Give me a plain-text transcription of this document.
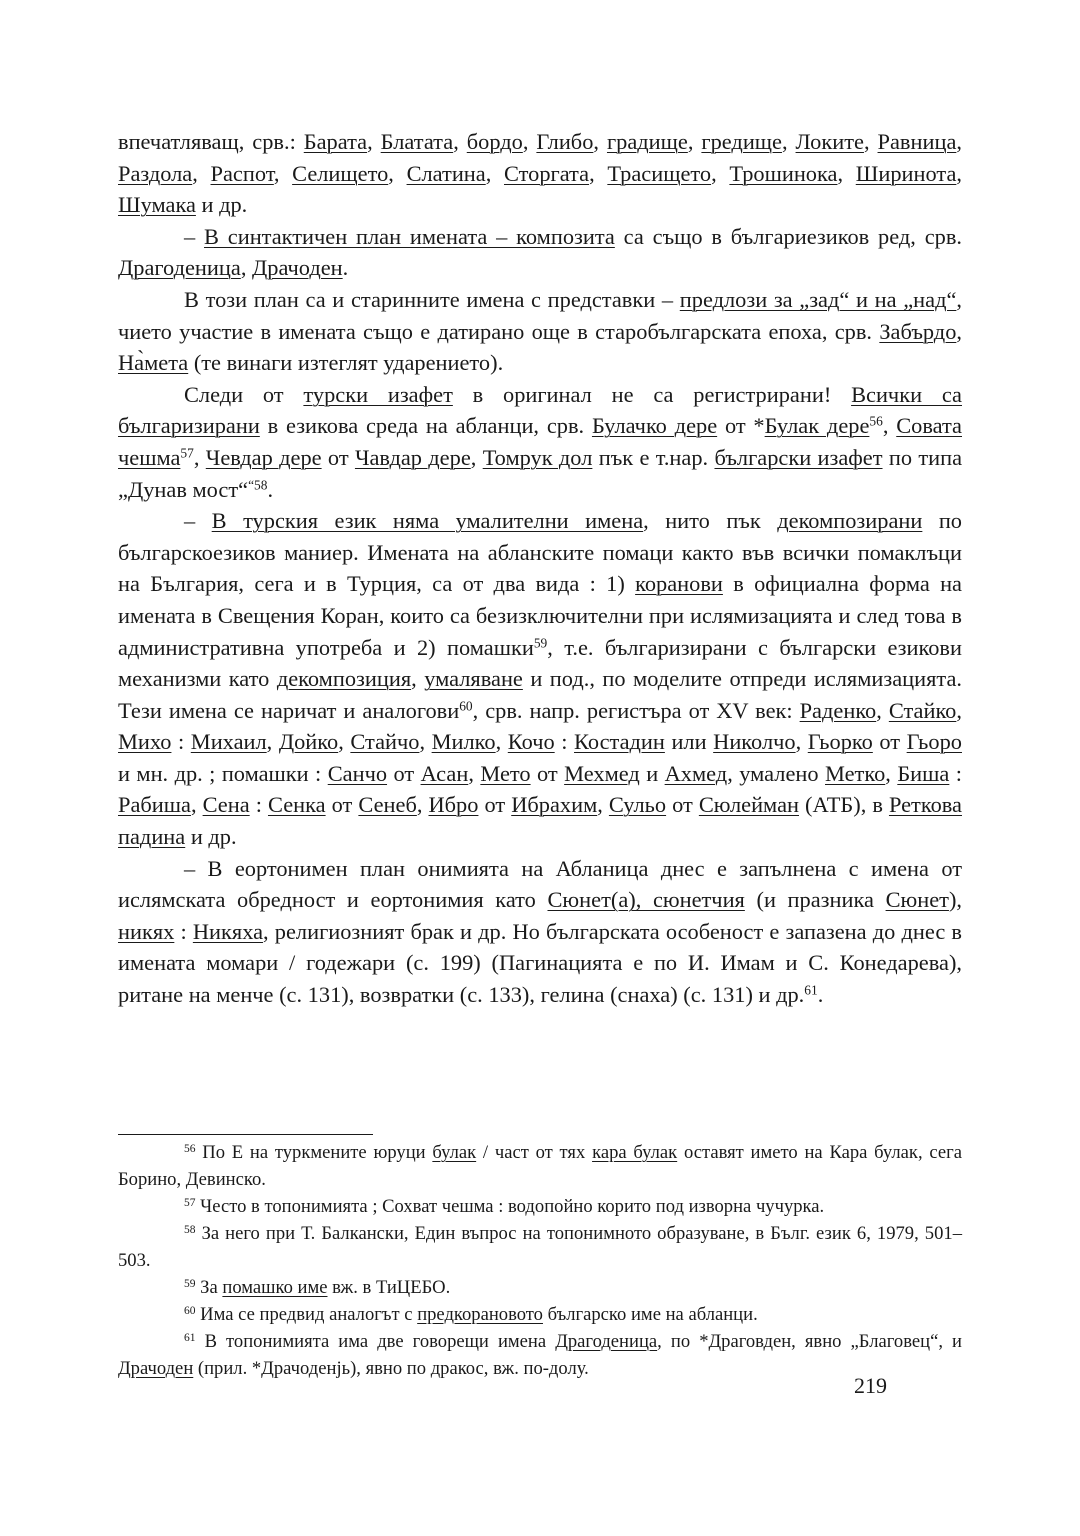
впечатляващ, срв.: Барата, Блатата, бордо, Глибо, градище, гредище, Локите, Равница, Раздола, Распот, Селището, Слатина, Сторгата, Трасището, Трошинока, Ширинота, Шумака и др.

– В синтактичен план имената – композита са също в българиезиков ред, срв. Драгоденица, Драчоден.

В този план са и старинните имена с представки – предлози за „зад“ и на „над“, чието участие в имената също е датирано още в старобългарската епоха, срв. Забърдо, На̀мета (те винаги изтеглят ударението).

Следи от турски изафет в оригинал не са регистрирани! Всички са българизирани в езикова среда на абланци, срв. Булачко дере от *Булак дере$^{56}$, Совата чешма$^{57}$, Чевдар дере от Чавдар дере, Томрук дол пък е т.нар. български изафет по типа „Дунав мост“$^{“58}$.

– В турския език няма умалителни имена, нито пък декомпозирани по българскоезиков маниер. Имената на абланските помаци както във всички помаклъци на България, сега и в Турция, са от два вида : 1) коранови в официална форма на имената в Свещения Коран, които са безизключителни при ислямизацията и след това в административна употреба и 2) помашки$^{59}$, т.е. българизирани с български езикови механизми като декомпозиция, умаляване и под., по моделите отпреди ислямизацията. Тези имена се наричат и аналогови$^{60}$, срв. напр. регистъра от XV век: Раденко, Стайко, Михо : Михаил, Дойко, Стайчо, Милко, Кочо : Костадин или Николчо, Гьорко от Гьоро и мн. др. ; помашки : Санчо от Асан, Мето от Мехмед и Ахмед, умалено Метко, Биша : Рабиша, Сена : Сенка от Сенеб, Ибро от Ибрахим, Сульо от Сюлейман (АТБ), в Реткова падина и др.

– В еортонимен план онимията на Абланица днес е запълнена с имена от ислямската обредност и еортонимия като Сюнет(а), сюнетчия (и празника Сюнет), никях : Никяха, религиозният брак и др. Но българската особеност е запазена до днес в имената момари / годежари (с. 199) (Пагинацията е по И. Имам и С. Конедарева), ритане на менче (с. 131), возвратки (с. 133), гелина (снаха) (с. 131) и др.$^{61}$.

$^{56}$ По Е на туркмените юруци булак / част от тях кара булак оставят името на Кара булак, сега Борино, Девинско.

$^{57}$ Често в топонимията ; Сохват чешма : водопойно корито под изворна чучурка.

$^{58}$ За него при Т. Балкански, Един въпрос на топонимното образуване, в Бълг. език 6, 1979, 501–503.

$^{59}$ За помашко име вж. в ТиЦЕБО.

$^{60}$ Има се предвид аналогът с предкорановото българско име на абланци.

$^{61}$ В топонимията има две говорещи имена Драгоденица, по *Драговден, явно „Благовец“, и Драчоден (прил. *Драчоденјь), явно по дракос, вж. по-долу.

219
